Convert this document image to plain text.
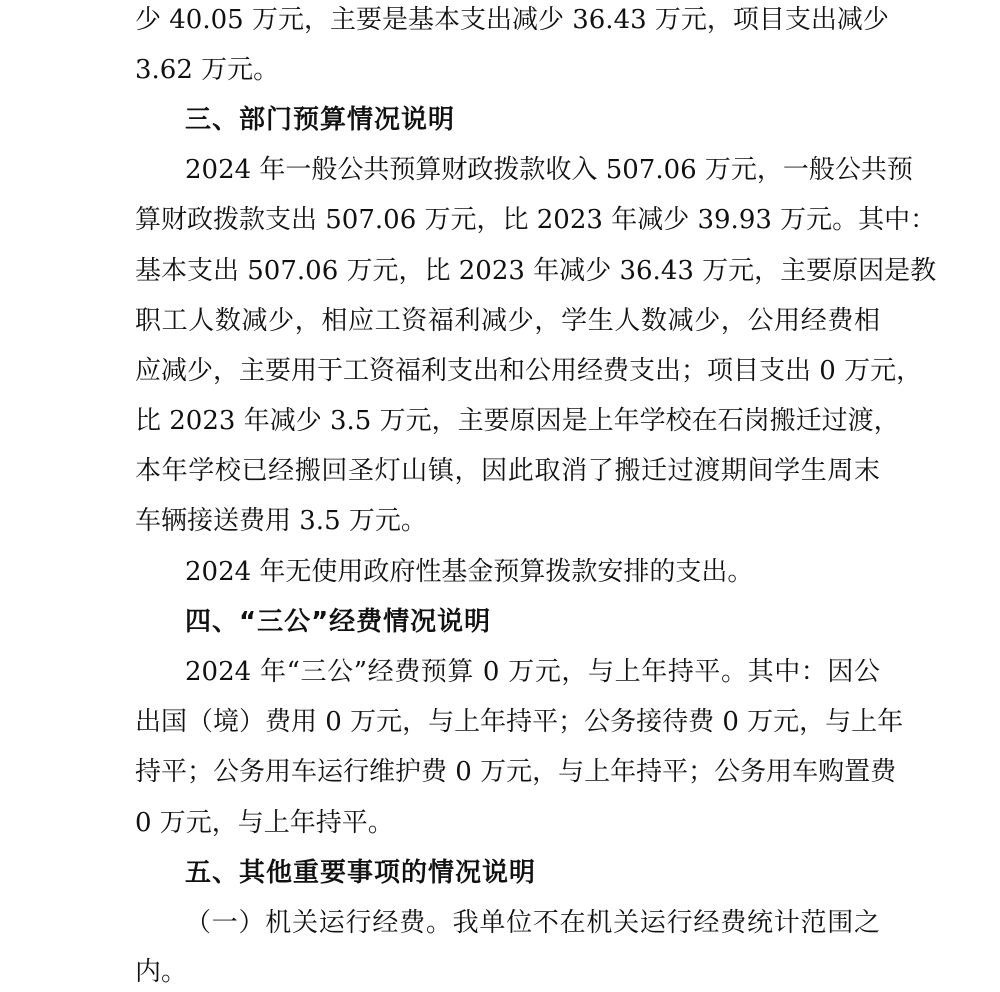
少 40.05 万元，主要是基本支出减少 36.43 万元，项目支出减少
3.62 万元。
三、部门预算情况说明
2024 年一般公共预算财政拨款收入 507.06 万元，一般公共预
算财政拨款支出 507.06 万元，比 2023 年减少 39.93 万元。其中：
基本支出 507.06 万元，比 2023 年减少 36.43 万元，主要原因是教
职工人数减少，相应工资福利减少，学生人数减少，公用经费相
应减少，主要用于工资福利支出和公用经费支出；项目支出 0 万元，
比 2023 年减少 3.5 万元，主要原因是上年学校在石岗搬迁过渡，
本年学校已经搬回圣灯山镇，因此取消了搬迁过渡期间学生周末
车辆接送费用 3.5 万元。
2024 年无使用政府性基金预算拨款安排的支出。
四、“三公”经费情况说明
2024 年“三公”经费预算 0 万元，与上年持平。其中：因公
出国（境）费用 0 万元，与上年持平；公务接待费 0 万元，与上年
持平；公务用车运行维护费 0 万元，与上年持平；公务用车购置费
0 万元，与上年持平。
五、其他重要事项的情况说明
（一）机关运行经费。我单位不在机关运行经费统计范围之
内。
